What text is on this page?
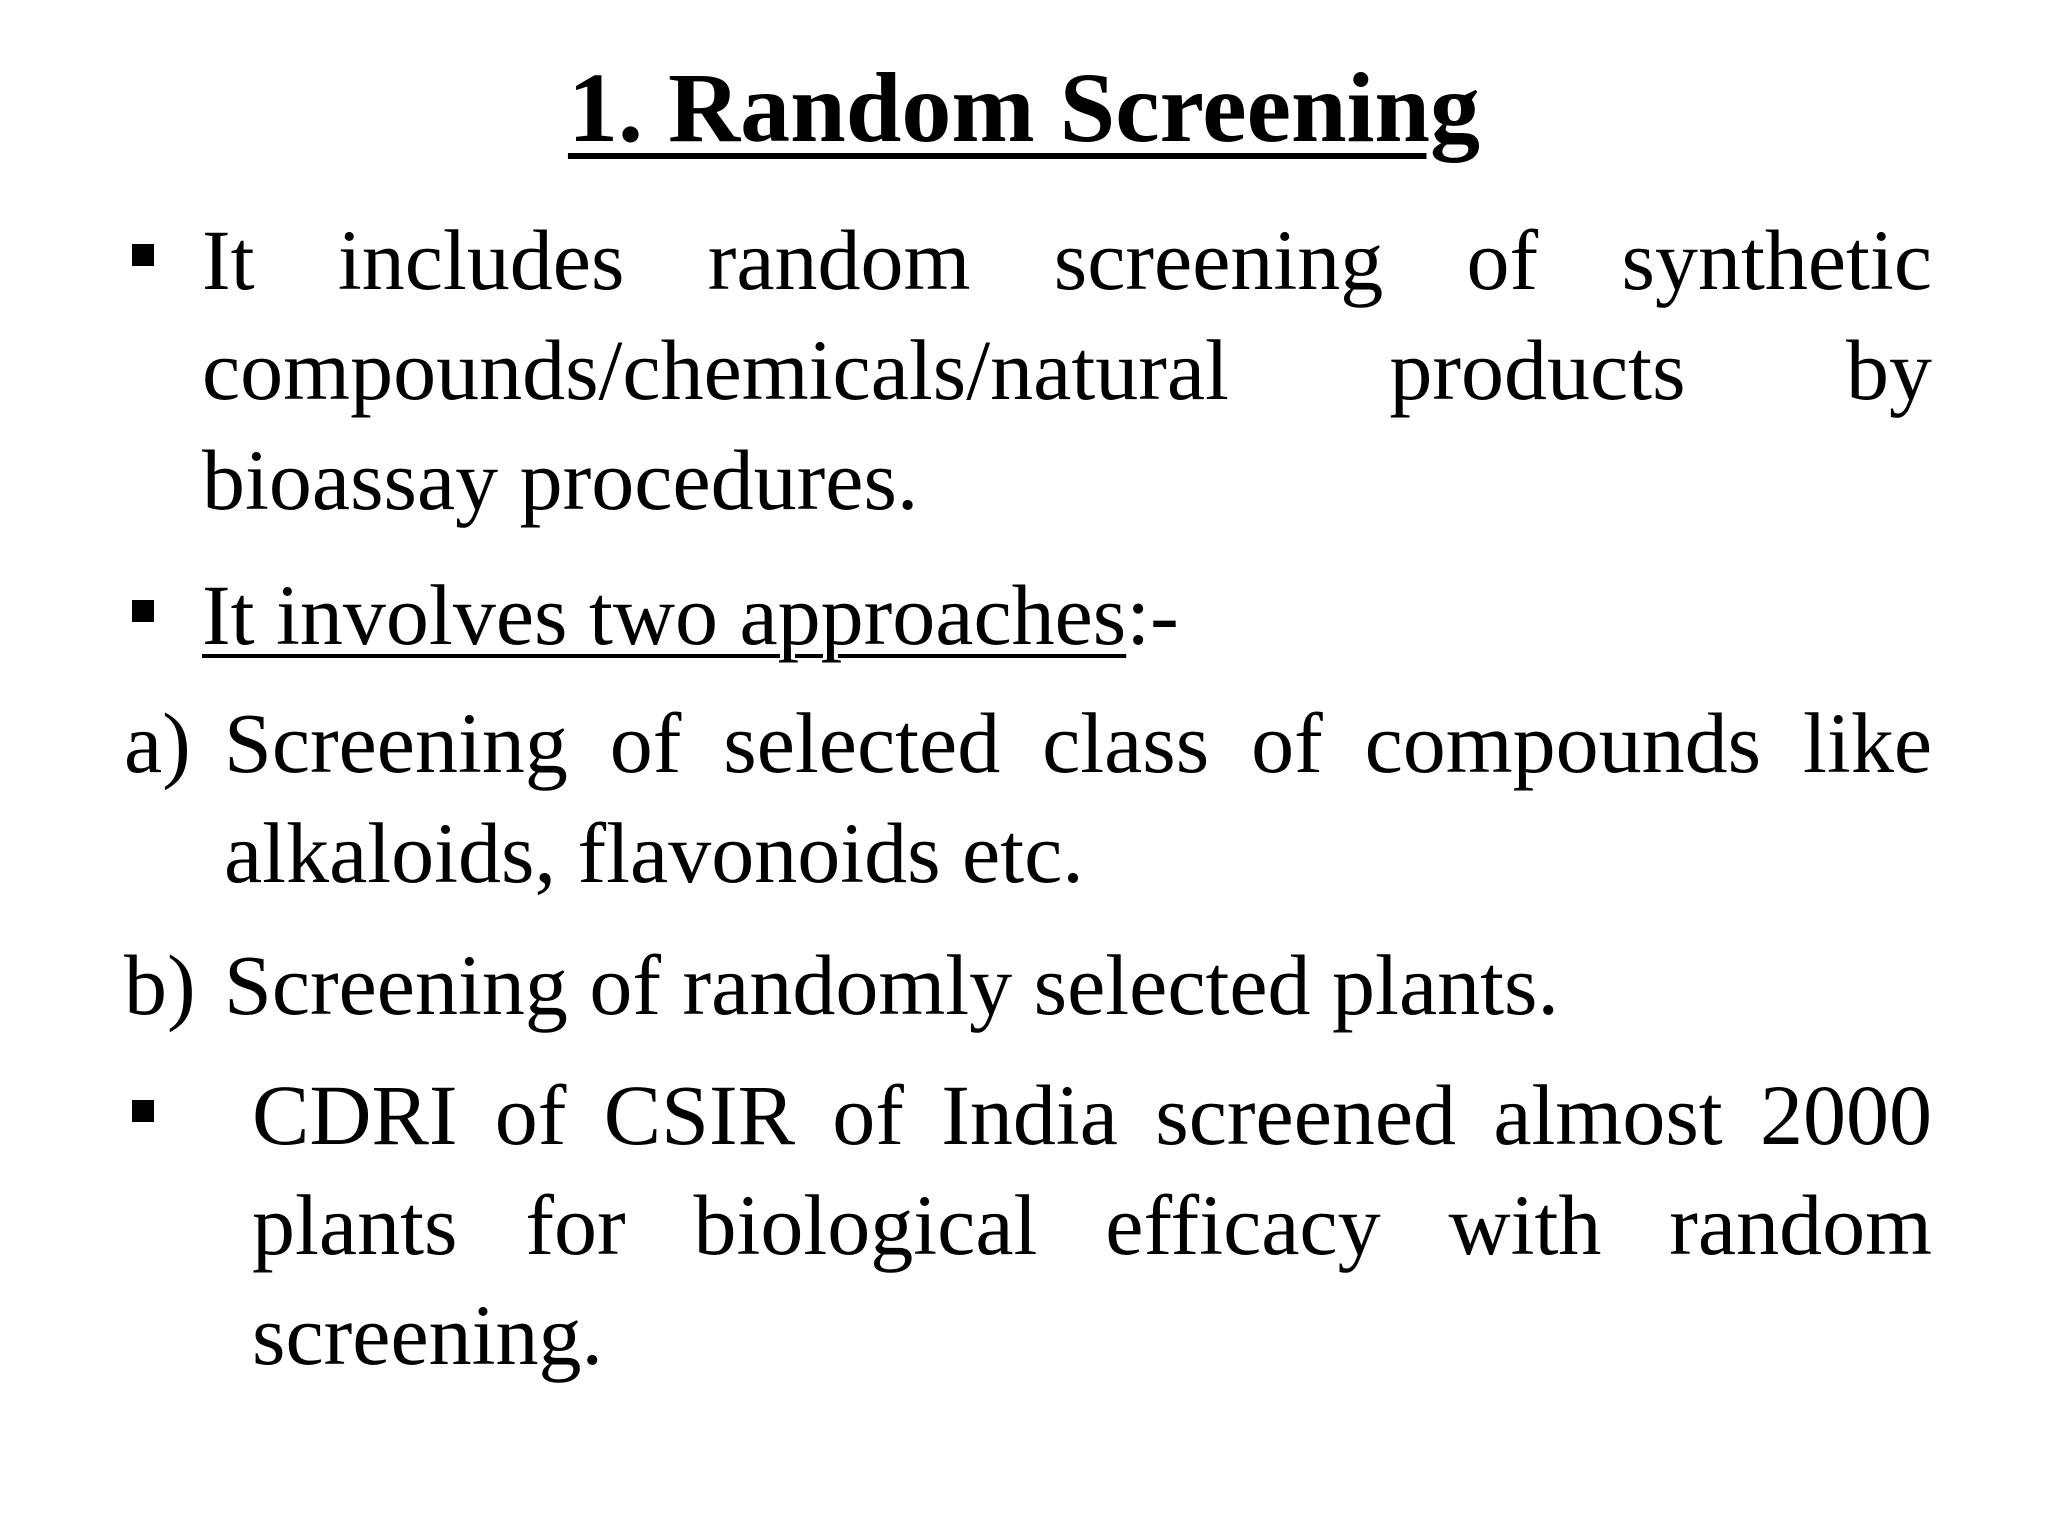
1. Random Screening
It includes random screening of synthetic compounds/chemicals/natural products by bioassay procedures.
It involves two approaches:-
a) Screening of selected class of compounds like alkaloids, flavonoids etc.
b) Screening of randomly selected plants.
CDRI of CSIR of India screened almost 2000 plants for biological efficacy with random screening.
